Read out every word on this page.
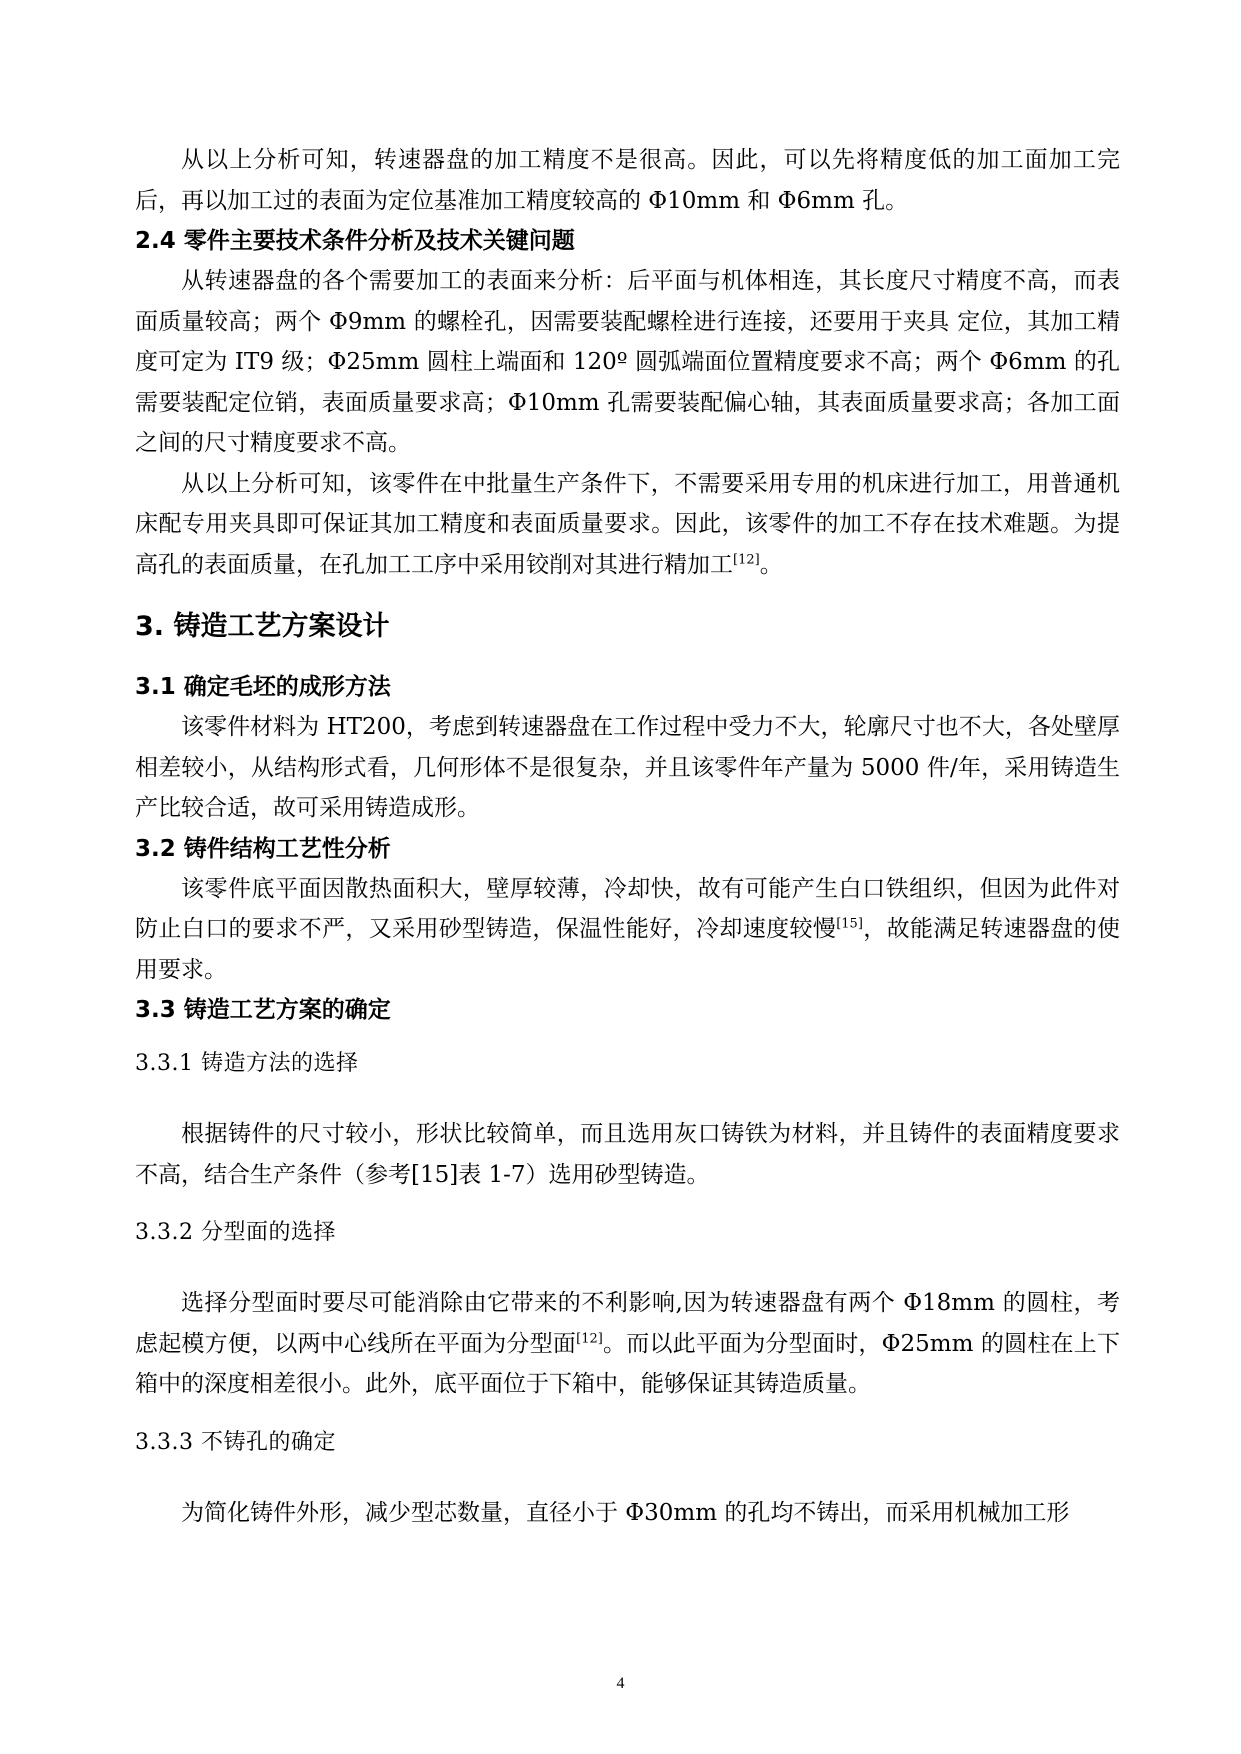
从以上分析可知，转速器盘的加工精度不是很高。因此，可以先将精度低的加工面加工完后，再以加工过的表面为定位基准加工精度较高的 Φ10mm 和 Φ6mm 孔。

2.4 零件主要技术条件分析及技术关键问题

从转速器盘的各个需要加工的表面来分析：后平面与机体相连，其长度尺寸精度不高，而表面质量较高；两个 Φ9mm 的螺栓孔，因需要装配螺栓进行连接，还要用于夹具 定位，其加工精度可定为 IT9 级；Φ25mm 圆柱上端面和 120º 圆弧端面位置精度要求不高；两个 Φ6mm 的孔需要装配定位销，表面质量要求高；Φ10mm 孔需要装配偏心轴，其表面质量要求高；各加工面之间的尺寸精度要求不高。

从以上分析可知，该零件在中批量生产条件下，不需要采用专用的机床进行加工，用普通机床配专用夹具即可保证其加工精度和表面质量要求。因此，该零件的加工不存在技术难题。为提高孔的表面质量，在孔加工工序中采用铰削对其进行精加工[12]。

3. 铸造工艺方案设计

3.1 确定毛坯的成形方法

该零件材料为 HT200，考虑到转速器盘在工作过程中受力不大，轮廓尺寸也不大，各处壁厚相差较小，从结构形式看，几何形体不是很复杂，并且该零件年产量为 5000 件/年，采用铸造生产比较合适，故可采用铸造成形。

3.2 铸件结构工艺性分析

该零件底平面因散热面积大，壁厚较薄，冷却快，故有可能产生白口铁组织，但因为此件对防止白口的要求不严，又采用砂型铸造，保温性能好，冷却速度较慢[15]，故能满足转速器盘的使用要求。

3.3 铸造工艺方案的确定

3.3.1 铸造方法的选择

根据铸件的尺寸较小，形状比较简单，而且选用灰口铸铁为材料，并且铸件的表面精度要求不高，结合生产条件（参考[15]表 1-7）选用砂型铸造。

3.3.2 分型面的选择

选择分型面时要尽可能消除由它带来的不利影响,因为转速器盘有两个 Φ18mm 的圆柱，考虑起模方便，以两中心线所在平面为分型面[12]。而以此平面为分型面时，Φ25mm 的圆柱在上下箱中的深度相差很小。此外，底平面位于下箱中，能够保证其铸造质量。

3.3.3 不铸孔的确定

为简化铸件外形，减少型芯数量，直径小于 Φ30mm 的孔均不铸出，而采用机械加工形

4
